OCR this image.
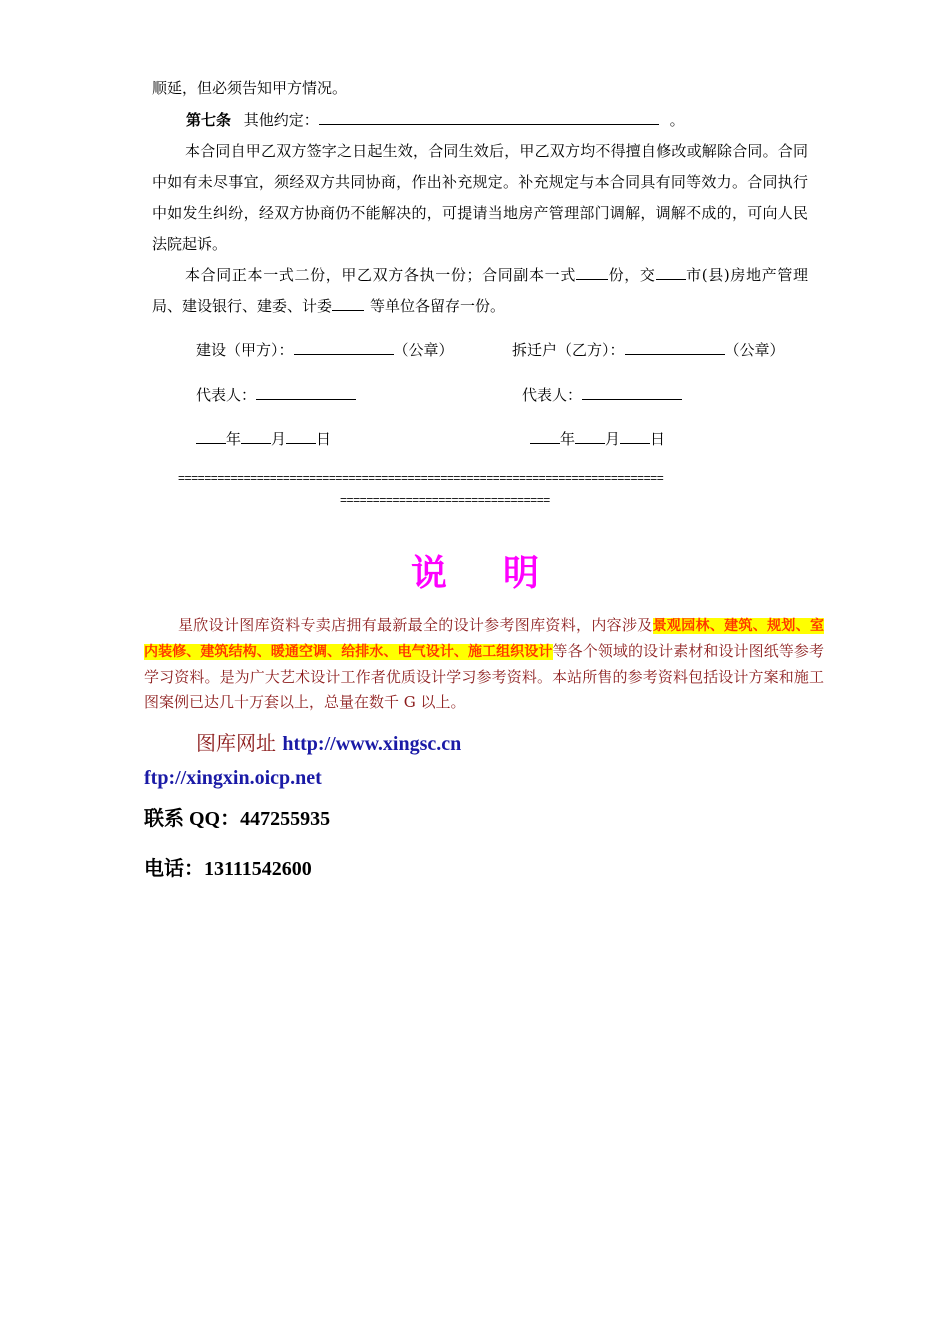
顺延，但必须告知甲方情况。
第七条 其他约定：	。
本合同自甲乙双方签字之日起生效，合同生效后，甲乙双方均不得擅自修改或解除合同。合同中如有未尽事宜，须经双方共同协商，作出补充规定。补充规定与本合同具有同等效力。合同执行中如发生纠纷，经双方协商仍不能解决的，可提请当地房产管理部门调解，调解不成的，可向人民法院起诉。
本合同正本一式二份，甲乙双方各执一份；合同副本一式 份，交 市(县)房地产管理局、建设银行、建委、计委	等单位各留存一份。
建设（甲方）：	（公章）	拆迁户（乙方）：	（公章）
代表人：	代表人：
年 月 日	年 月 日
==========================================================================
================================
说 明
星欣设计图库资料专卖店拥有最新最全的设计参考图库资料，内容涉及景观园林、建筑、规划、室内装修、建筑结构、暖通空调、给排水、电气设计、施工组织设计等各个领域的设计素材和设计图纸等参考学习资料。是为广大艺术设计工作者优质设计学习参考资料。本站所售的参考资料包括设计方案和施工图案例已达几十万套以上，总量在数千 G 以上。
图库网址 http://www.xingsc.cn
ftp://xingxin.oicp.net
联系 QQ：447255935
电话：13111542600
